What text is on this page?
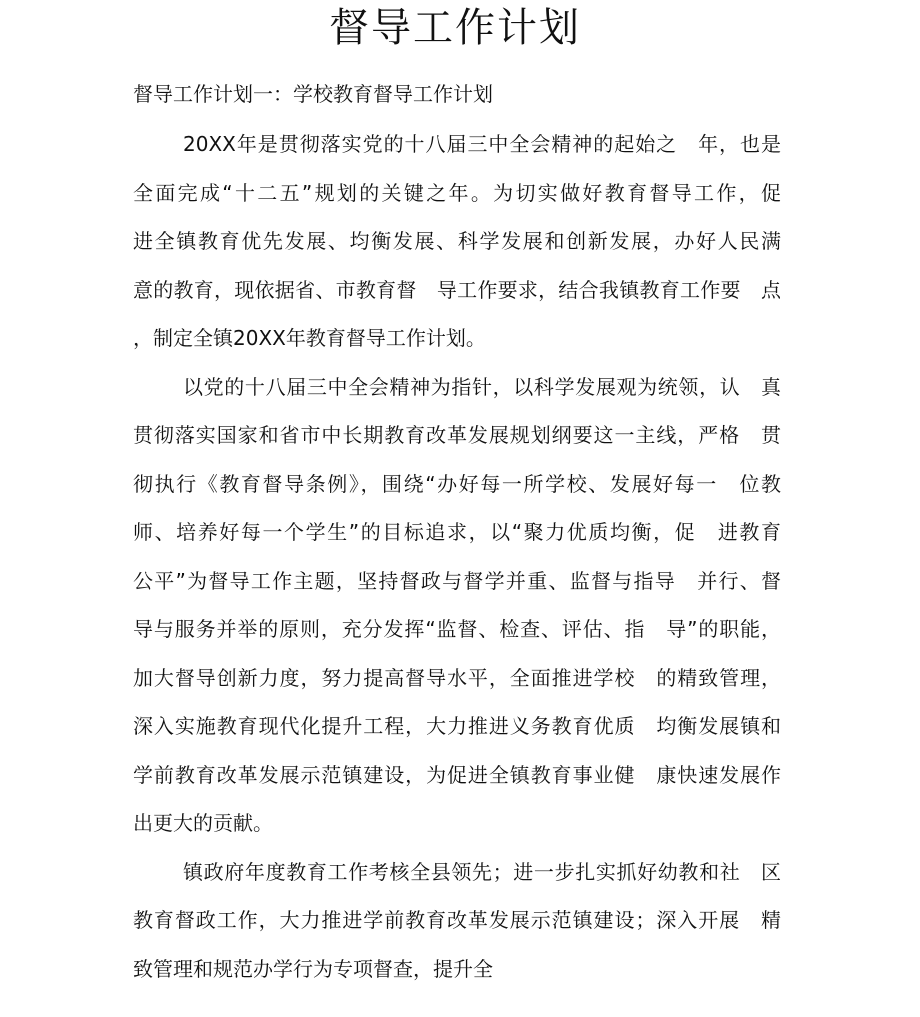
督导工作计划

督导工作计划一：学校教育督导工作计划

20XX年是贯彻落实党的十八届三中全会精神的起始之　年，也是
全面完成“十二五”规划的关键之年。为切实做好教育督导工作，促
进全镇教育优先发展、均衡发展、科学发展和创新发展，办好人民满
意的教育，现依据省、市教育督　导工作要求，结合我镇教育工作要　点
，制定全镇20XX年教育督导工作计划。
以党的十八届三中全会精神为指针，以科学发展观为统领，认　真
贯彻落实国家和省市中长期教育改革发展规划纲要这一主线，严格　贯
彻执行《教育督导条例》，围绕“办好每一所学校、发展好每一　位教
师、培养好每一个学生”的目标追求，以“聚力优质均衡，促　进教育
公平”为督导工作主题，坚持督政与督学并重、监督与指导　并行、督
导与服务并举的原则，充分发挥“监督、检查、评估、指　导”的职能，
加大督导创新力度，努力提高督导水平，全面推进学校　的精致管理，
深入实施教育现代化提升工程，大力推进义务教育优质　均衡发展镇和
学前教育改革发展示范镇建设，为促进全镇教育事业健　康快速发展作
出更大的贡献。
镇政府年度教育工作考核全县领先；进一步扎实抓好幼教和社　区
教育督政工作，大力推进学前教育改革发展示范镇建设；深入开展　精
致管理和规范办学行为专项督查，提升全
